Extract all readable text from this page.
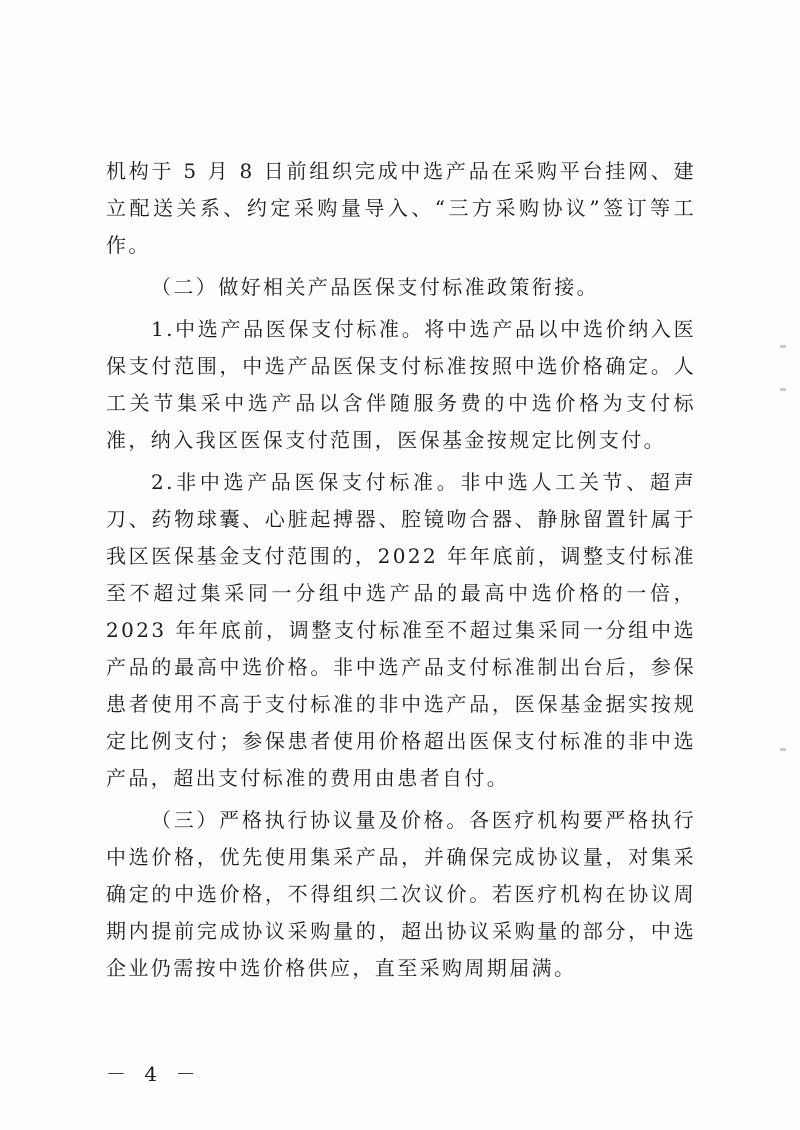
机构于 5 月 8 日前组织完成中选产品在采购平台挂网、建立配送关系、约定采购量导入、“三方采购协议”签订等工作。

（二）做好相关产品医保支付标准政策衔接。

1.中选产品医保支付标准。将中选产品以中选价纳入医保支付范围，中选产品医保支付标准按照中选价格确定。人工关节集采中选产品以含伴随服务费的中选价格为支付标准，纳入我区医保支付范围，医保基金按规定比例支付。

2.非中选产品医保支付标准。非中选人工关节、超声刀、药物球囊、心脏起搏器、腔镜吻合器、静脉留置针属于我区医保基金支付范围的，2022 年年底前，调整支付标准至不超过集采同一分组中选产品的最高中选价格的一倍，2023 年年底前，调整支付标准至不超过集采同一分组中选产品的最高中选价格。非中选产品支付标准制出台后，参保患者使用不高于支付标准的非中选产品，医保基金据实按规定比例支付；参保患者使用价格超出医保支付标准的非中选产品，超出支付标准的费用由患者自付。

（三）严格执行协议量及价格。各医疗机构要严格执行中选价格，优先使用集采产品，并确保完成协议量，对集采确定的中选价格，不得组织二次议价。若医疗机构在协议周期内提前完成协议采购量的，超出协议采购量的部分，中选企业仍需按中选价格供应，直至采购周期届满。

－ 4 －
